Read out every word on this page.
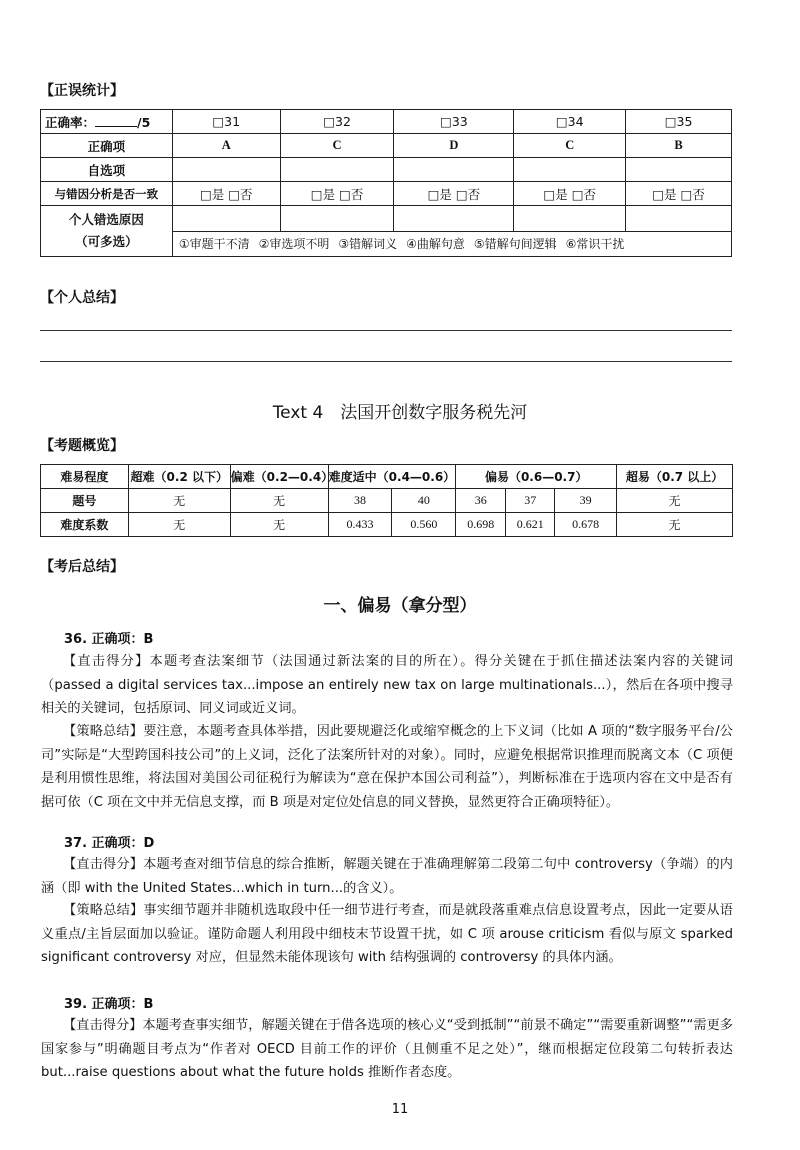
【正误统计】
正确率： /5	□31	□32	□33	□34	□35
正确项	A	C	D	C	B
自选项					
与错因分析是否一致	□是 □否	□是 □否	□是 □否	□是 □否	□是 □否

个人错选原因
（可多选）					

	①审题干不清 ②审选项不明 ③错解词义 ④曲解句意 ⑤错解句间逻辑 ⑥常识干扰				
【个人总结】
Text 4　法国开创数字服务税先河
【考题概览】
难易程度	超难（0.2 以下）	偏难（0.2—0.4）	难度适中（0.4—0.6）		偏易（0.6—0.7）			超易（0.7 以上）
题号	无	无	38	40	36	37	39	无
难度系数	无	无	0.433	0.560	0.698	0.621	0.678	无
【考后总结】
一、偏易（拿分型）
36. 正确项：B
【直击得分】本题考查法案细节（法国通过新法案的目的所在）。得分关键在于抓住描述法案内容的关键词（passed a digital services tax...impose an entirely new tax on large multinationals...），然后在各项中搜寻相关的关键词，包括原词、同义词或近义词。
【策略总结】要注意，本题考查具体举措，因此要规避泛化或缩窄概念的上下义词（比如 A 项的“数字服务平台/公司”实际是“大型跨国科技公司”的上义词，泛化了法案所针对的对象）。同时，应避免根据常识推理而脱离文本（C 项便是利用惯性思维，将法国对美国公司征税行为解读为“意在保护本国公司利益”），判断标准在于选项内容在文中是否有据可依（C 项在文中并无信息支撑，而 B 项是对定位处信息的同义替换，显然更符合正确项特征）。
37. 正确项：D
【直击得分】本题考查对细节信息的综合推断，解题关键在于准确理解第二段第二句中 controversy（争端）的内涵（即 with the United States...which in turn...的含义）。
【策略总结】事实细节题并非随机选取段中任一细节进行考查，而是就段落重难点信息设置考点，因此一定要从语义重点/主旨层面加以验证。谨防命题人利用段中细枝末节设置干扰，如 C 项 arouse criticism 看似与原文 sparked significant controversy 对应，但显然未能体现该句 with 结构强调的 controversy 的具体内涵。
39. 正确项：B
【直击得分】本题考查事实细节，解题关键在于借各选项的核心义“受到抵制”“前景不确定”“需要重新调整”“需更多国家参与”明确题目考点为“作者对 OECD 目前工作的评价（且侧重不足之处）”，继而根据定位段第二句转折表达 but...raise questions about what the future holds 推断作者态度。
11
